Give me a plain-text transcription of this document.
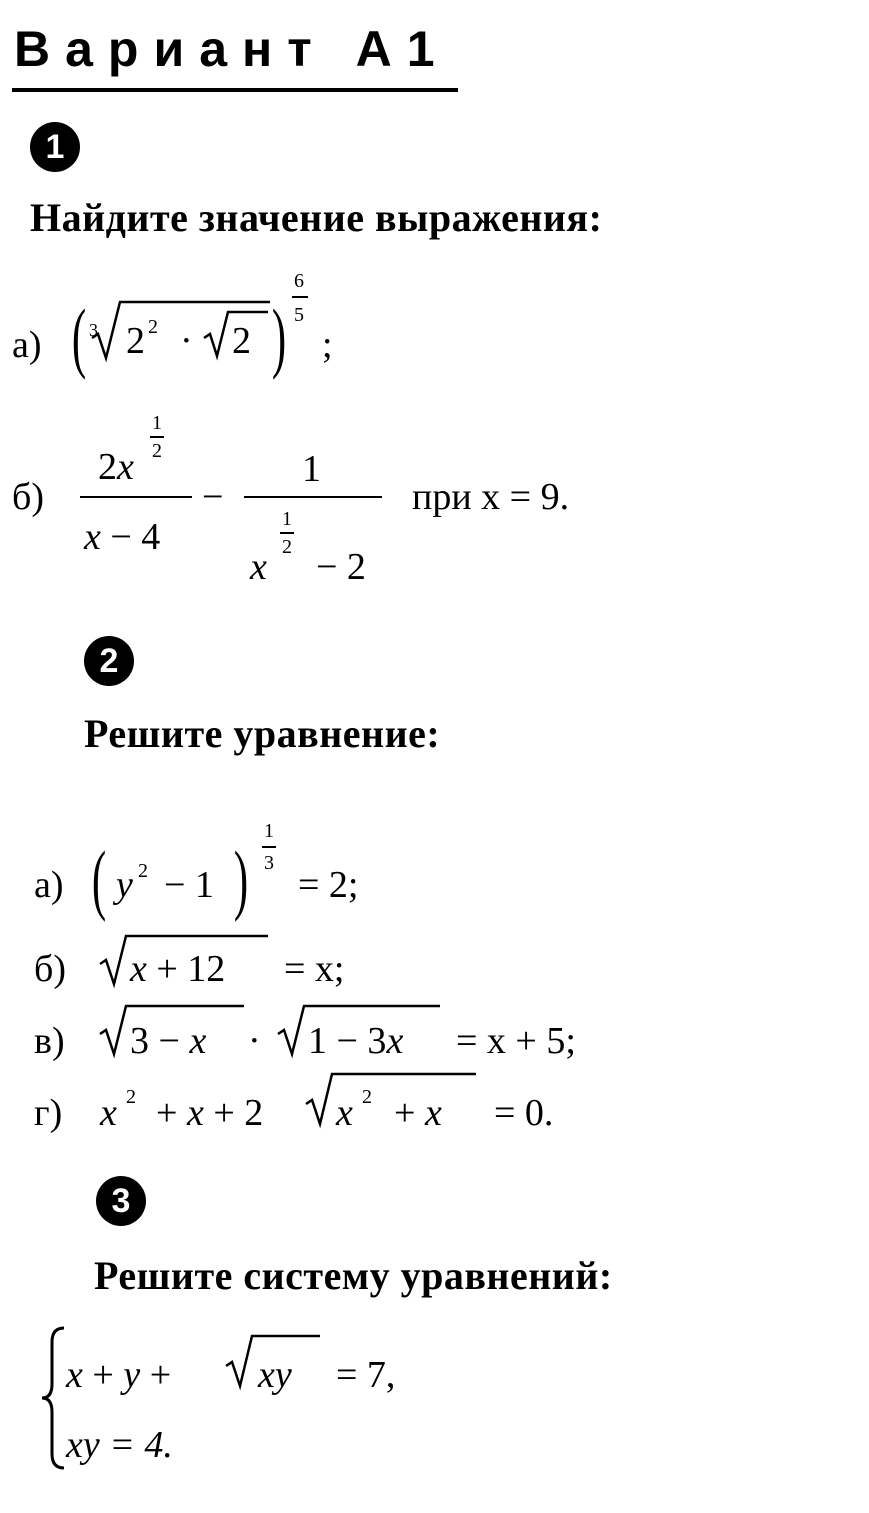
Вариант А1
1
Найдите значение выражения:
а) ( 3 2 2 · 2 )
6
5
;
б)
2x
1
2
x − 4
−
1
x
1
2 − 2
при x = 9.
2
Решите уравнение:
а) ( y 2 − 1 )
1
3
= 2;
б) x + 12 = x;
в) 3 − x · 1 − 3x = x + 5;
г) x 2 + x + 2 x 2 + x = 0.
3
Решите систему уравнений:
x + y + xy = 7,
xy = 4.
